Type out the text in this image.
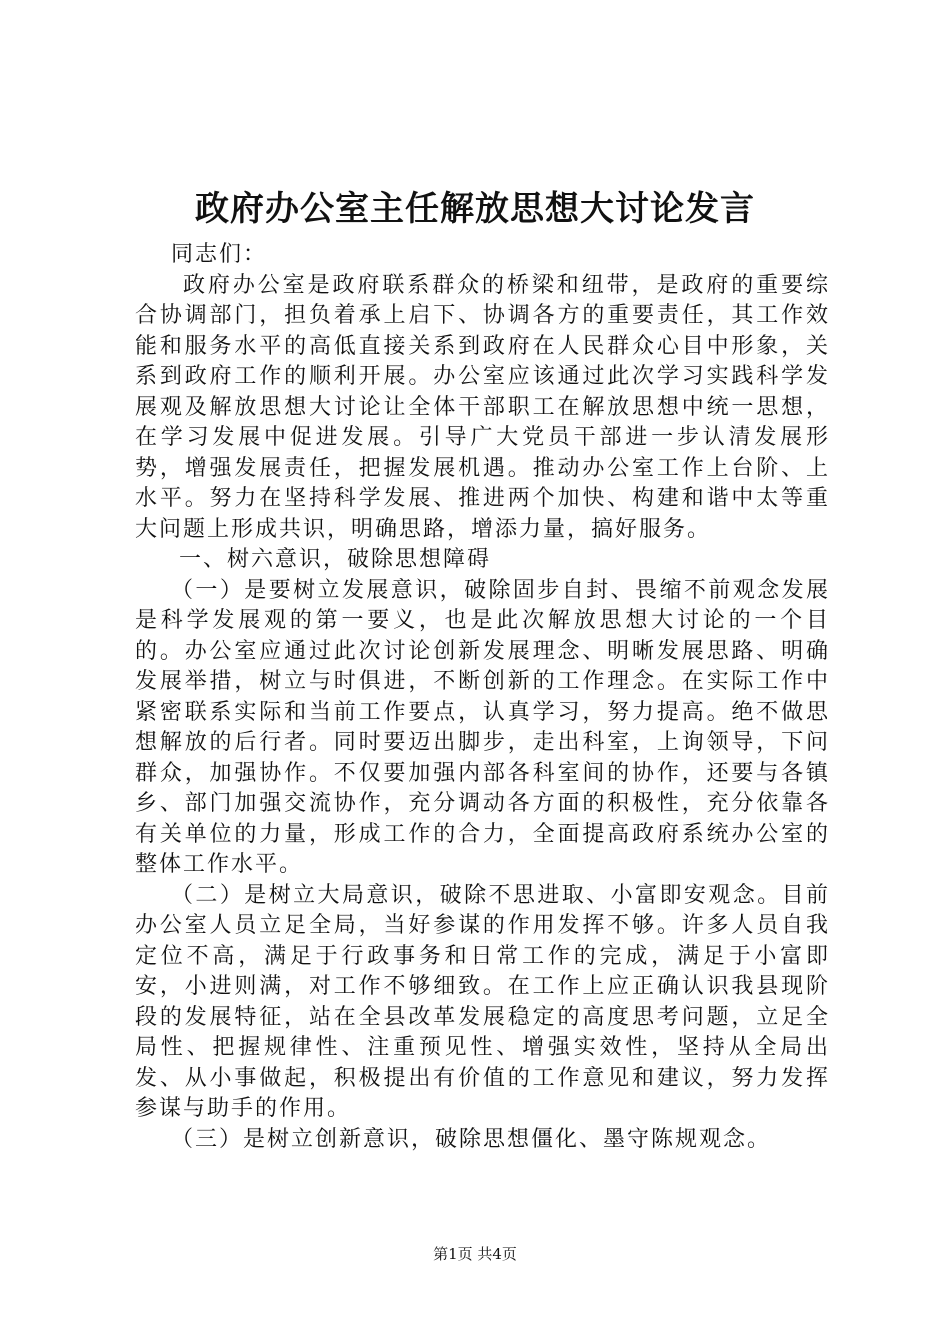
政府办公室主任解放思想大讨论发言

同志们：

政府办公室是政府联系群众的桥梁和纽带，是政府的重要综合协调部门，担负着承上启下、协调各方的重要责任，其工作效能和服务水平的高低直接关系到政府在人民群众心目中形象，关系到政府工作的顺利开展。办公室应该通过此次学习实践科学发展观及解放思想大讨论让全体干部职工在解放思想中统一思想，在学习发展中促进发展。引导广大党员干部进一步认清发展形势，增强发展责任，把握发展机遇。推动办公室工作上台阶、上水平。努力在坚持科学发展、推进两个加快、构建和谐中太等重大问题上形成共识，明确思路，增添力量，搞好服务。

一、树六意识，破除思想障碍

（一）是要树立发展意识，破除固步自封、畏缩不前观念发展是科学发展观的第一要义，也是此次解放思想大讨论的一个目的。办公室应通过此次讨论创新发展理念、明晰发展思路、明确发展举措，树立与时俱进，不断创新的工作理念。在实际工作中紧密联系实际和当前工作要点，认真学习，努力提高。绝不做思想解放的后行者。同时要迈出脚步，走出科室，上询领导，下问群众，加强协作。不仅要加强内部各科室间的协作，还要与各镇乡、部门加强交流协作，充分调动各方面的积极性，充分依靠各有关单位的力量，形成工作的合力，全面提高政府系统办公室的整体工作水平。

（二）是树立大局意识，破除不思进取、小富即安观念。目前办公室人员立足全局，当好参谋的作用发挥不够。许多人员自我定位不高，满足于行政事务和日常工作的完成，满足于小富即安，小进则满，对工作不够细致。在工作上应正确认识我县现阶段的发展特征，站在全县改革发展稳定的高度思考问题，立足全局性、把握规律性、注重预见性、增强实效性，坚持从全局出发、从小事做起，积极提出有价值的工作意见和建议，努力发挥参谋与助手的作用。

（三）是树立创新意识，破除思想僵化、墨守陈规观念。

第1页 共4页
